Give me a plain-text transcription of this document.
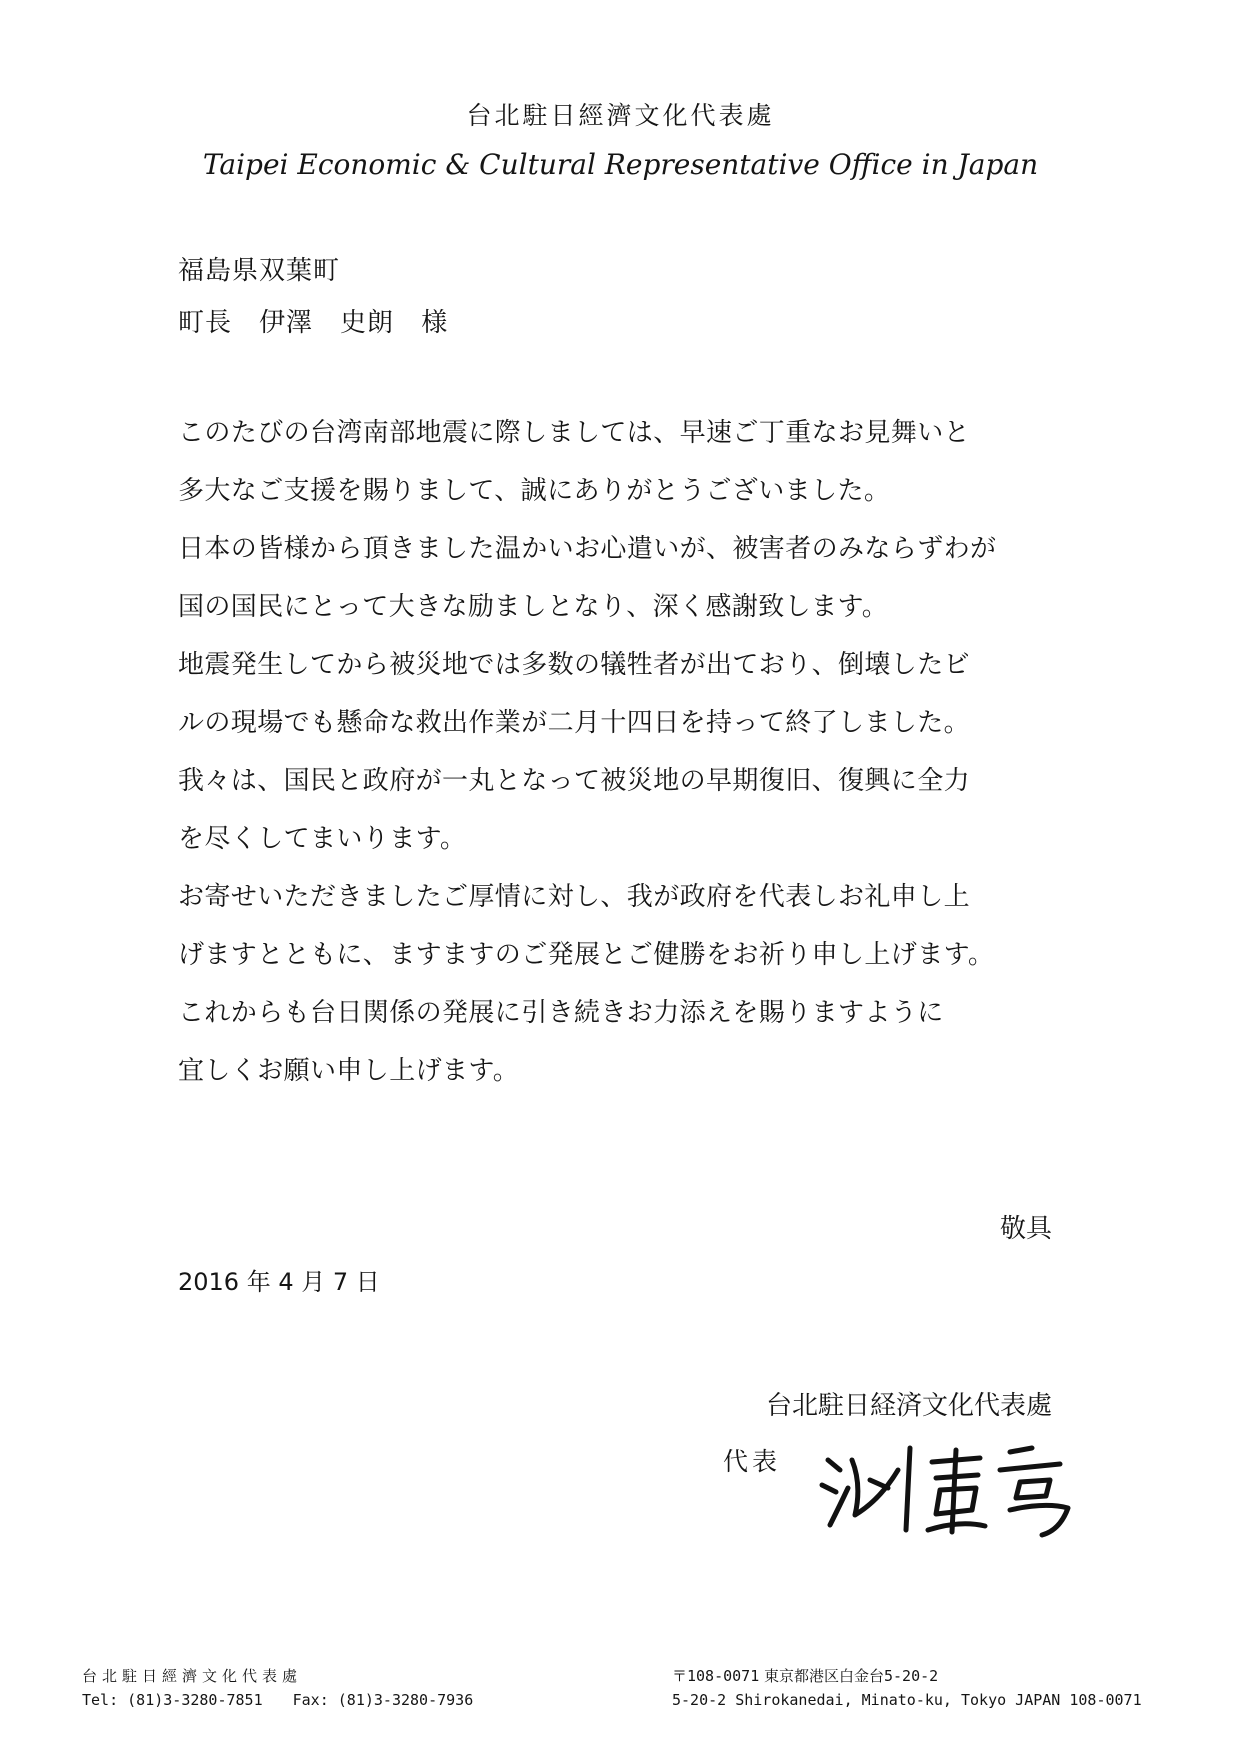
台北駐日經濟文化代表處
Taipei Economic & Cultural Representative Office in Japan
福島県双葉町
町長　伊澤　史朗 様
このたびの台湾南部地震に際しましては、早速ご丁重なお見舞いと
多大なご支援を賜りまして、誠にありがとうございました。
日本の皆様から頂きました温かいお心遣いが、被害者のみならずわが
国の国民にとって大きな励ましとなり、深く感謝致します。
地震発生してから被災地では多数の犠牲者が出ており、倒壊したビ
ルの現場でも懸命な救出作業が二月十四日を持って終了しました。
我々は、国民と政府が一丸となって被災地の早期復旧、復興に全力
を尽くしてまいります。
お寄せいただきましたご厚情に対し、我が政府を代表しお礼申し上
げますとともに、ますますのご発展とご健勝をお祈り申し上げます。
これからも台日関係の発展に引き続きお力添えを賜りますように
宜しくお願い申し上げます。
敬具
2016 年 4 月 7 日
台北駐日経済文化代表處
代表
台北駐日經濟文化代表處
Tel: (81)3-3280-7851 Fax: (81)3-3280-7936
〒108-0071 東京都港区白金台5-20-2
5-20-2 Shirokanedai, Minato-ku, Tokyo JAPAN 108-0071
